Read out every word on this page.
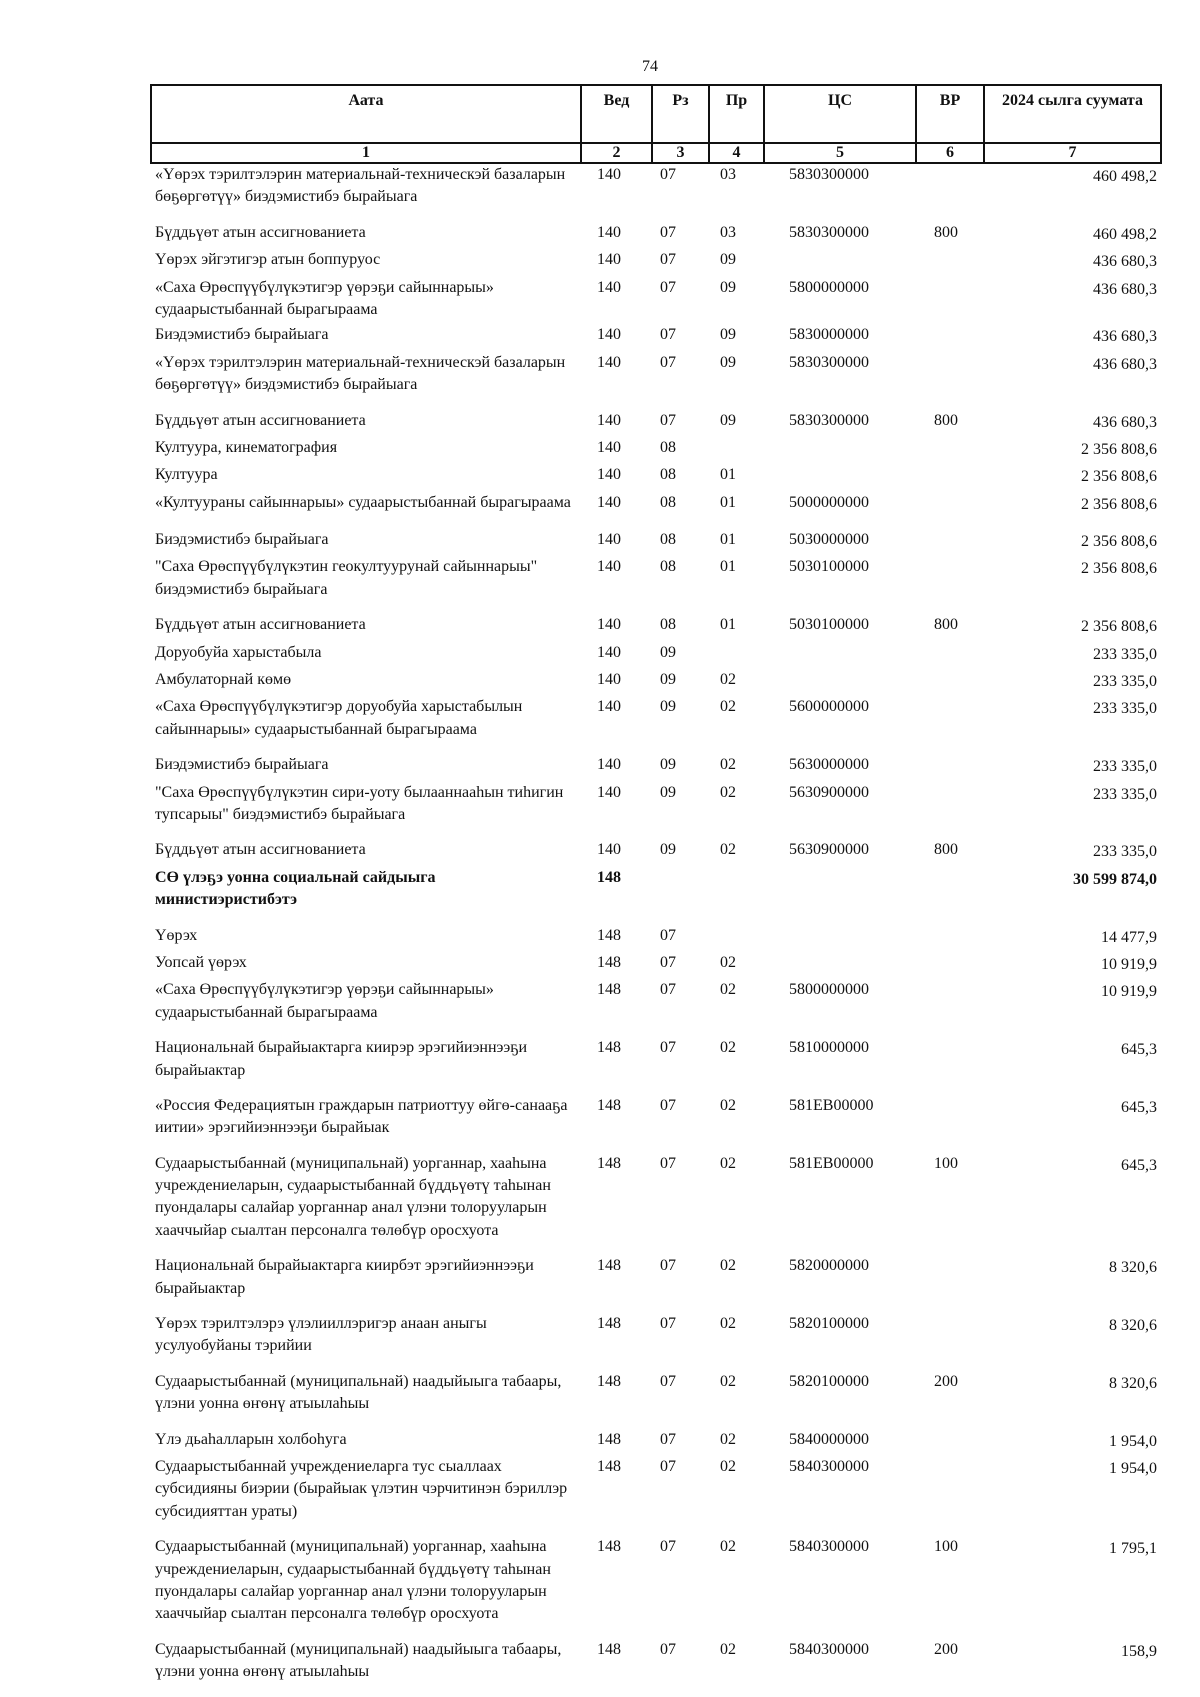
74
Аата	Вед	Рз	Пр	ЦС	ВР	2024 сылга суумата
1	2	3	4	5	6	7
«Үөрэх тэрилтэлэрин материальнай-техническэй базаларын бөҕөргөтүү» биэдэмистибэ бырайыага	140	07	03	5830300000		460 498,2
Бүддьүөт атын ассигнованиета	140	07	03	5830300000	800	460 498,2
Үөрэх эйгэтигэр атын боппуруос	140	07	09			436 680,3
«Саха Өрөспүүбүлүкэтигэр үөрэҕи сайыннарыы» судаарыстыбаннай бырагыраама	140	07	09	5800000000		436 680,3
Биэдэмистибэ бырайыага	140	07	09	5830000000		436 680,3
«Үөрэх тэрилтэлэрин материальнай-техническэй базаларын бөҕөргөтүү» биэдэмистибэ бырайыага	140	07	09	5830300000		436 680,3
Бүддьүөт атын ассигнованиета	140	07	09	5830300000	800	436 680,3
Култуура, кинематография	140	08				2 356 808,6
Култуура	140	08	01			2 356 808,6
«Култуураны сайыннарыы» судаарыстыбаннай бырагыраама	140	08	01	5000000000		2 356 808,6
Биэдэмистибэ бырайыага	140	08	01	5030000000		2 356 808,6
"Саха Өрөспүүбүлүкэтин геокултуурунай сайыннарыы" биэдэмистибэ бырайыага	140	08	01	5030100000		2 356 808,6
Бүддьүөт атын ассигнованиета	140	08	01	5030100000	800	2 356 808,6
Доруобуйа харыстабыла	140	09				233 335,0
Амбулаторнай көмө	140	09	02			233 335,0
«Саха Өрөспүүбүлүкэтигэр доруобуйа харыстабылын сайыннарыы» судаарыстыбаннай бырагыраама	140	09	02	5600000000		233 335,0
Биэдэмистибэ бырайыага	140	09	02	5630000000		233 335,0
"Саха Өрөспүүбүлүкэтин сири-уоту былааннааһын тиһигин тупсарыы" биэдэмистибэ бырайыага	140	09	02	5630900000		233 335,0
Бүддьүөт атын ассигнованиета	140	09	02	5630900000	800	233 335,0
СӨ үлэҕэ уонна социальнай сайдыыга министиэристибэтэ	148					30 599 874,0
Үөрэх	148	07				14 477,9
Уопсай үөрэх	148	07	02			10 919,9
«Саха Өрөспүүбүлүкэтигэр үөрэҕи сайыннарыы» судаарыстыбаннай бырагыраама	148	07	02	5800000000		10 919,9
Национальнай бырайыактарга киирэр эрэгийиэннээҕи бырайыактар	148	07	02	5810000000		645,3
«Россия Федерациятын граждарын патриоттуу өйгө-санааҕа иитии» эрэгийиэннээҕи бырайыак	148	07	02	581EB00000		645,3
Судаарыстыбаннай (муниципальнай) уорганнар, хааһына учреждениеларын, судаарыстыбаннай бүддьүөтү таһынан пуондалары салайар уорганнар анал үлэни толорууларын хааччыйар сыалтан персоналга төлөбүр оросхуота	148	07	02	581EB00000	100	645,3
Национальнай бырайыактарга киирбэт эрэгийиэннээҕи бырайыактар	148	07	02	5820000000		8 320,6
Үөрэх тэрилтэлэрэ үлэлииллэригэр анаан аныгы усулуобуйаны тэрийии	148	07	02	5820100000		8 320,6
Судаарыстыбаннай (муниципальнай) наадыйыыга табаары, үлэни уонна өҥөнү атыылаһыы	148	07	02	5820100000	200	8 320,6
Үлэ дьаһалларын холбоһуга	148	07	02	5840000000		1 954,0
Судаарыстыбаннай учреждениеларга тус сыаллаах субсидияны биэрии (бырайыак үлэтин чэрчитинэн бэриллэр субсидияттан ураты)	148	07	02	5840300000		1 954,0
Судаарыстыбаннай (муниципальнай) уорганнар, хааһына учреждениеларын, судаарыстыбаннай бүддьүөтү таһынан пуондалары салайар уорганнар анал үлэни толорууларын хааччыйар сыалтан персоналга төлөбүр оросхуота	148	07	02	5840300000	100	1 795,1
Судаарыстыбаннай (муниципальнай) наадыйыыга табаары, үлэни уонна өҥөнү атыылаһыы	148	07	02	5840300000	200	158,9
